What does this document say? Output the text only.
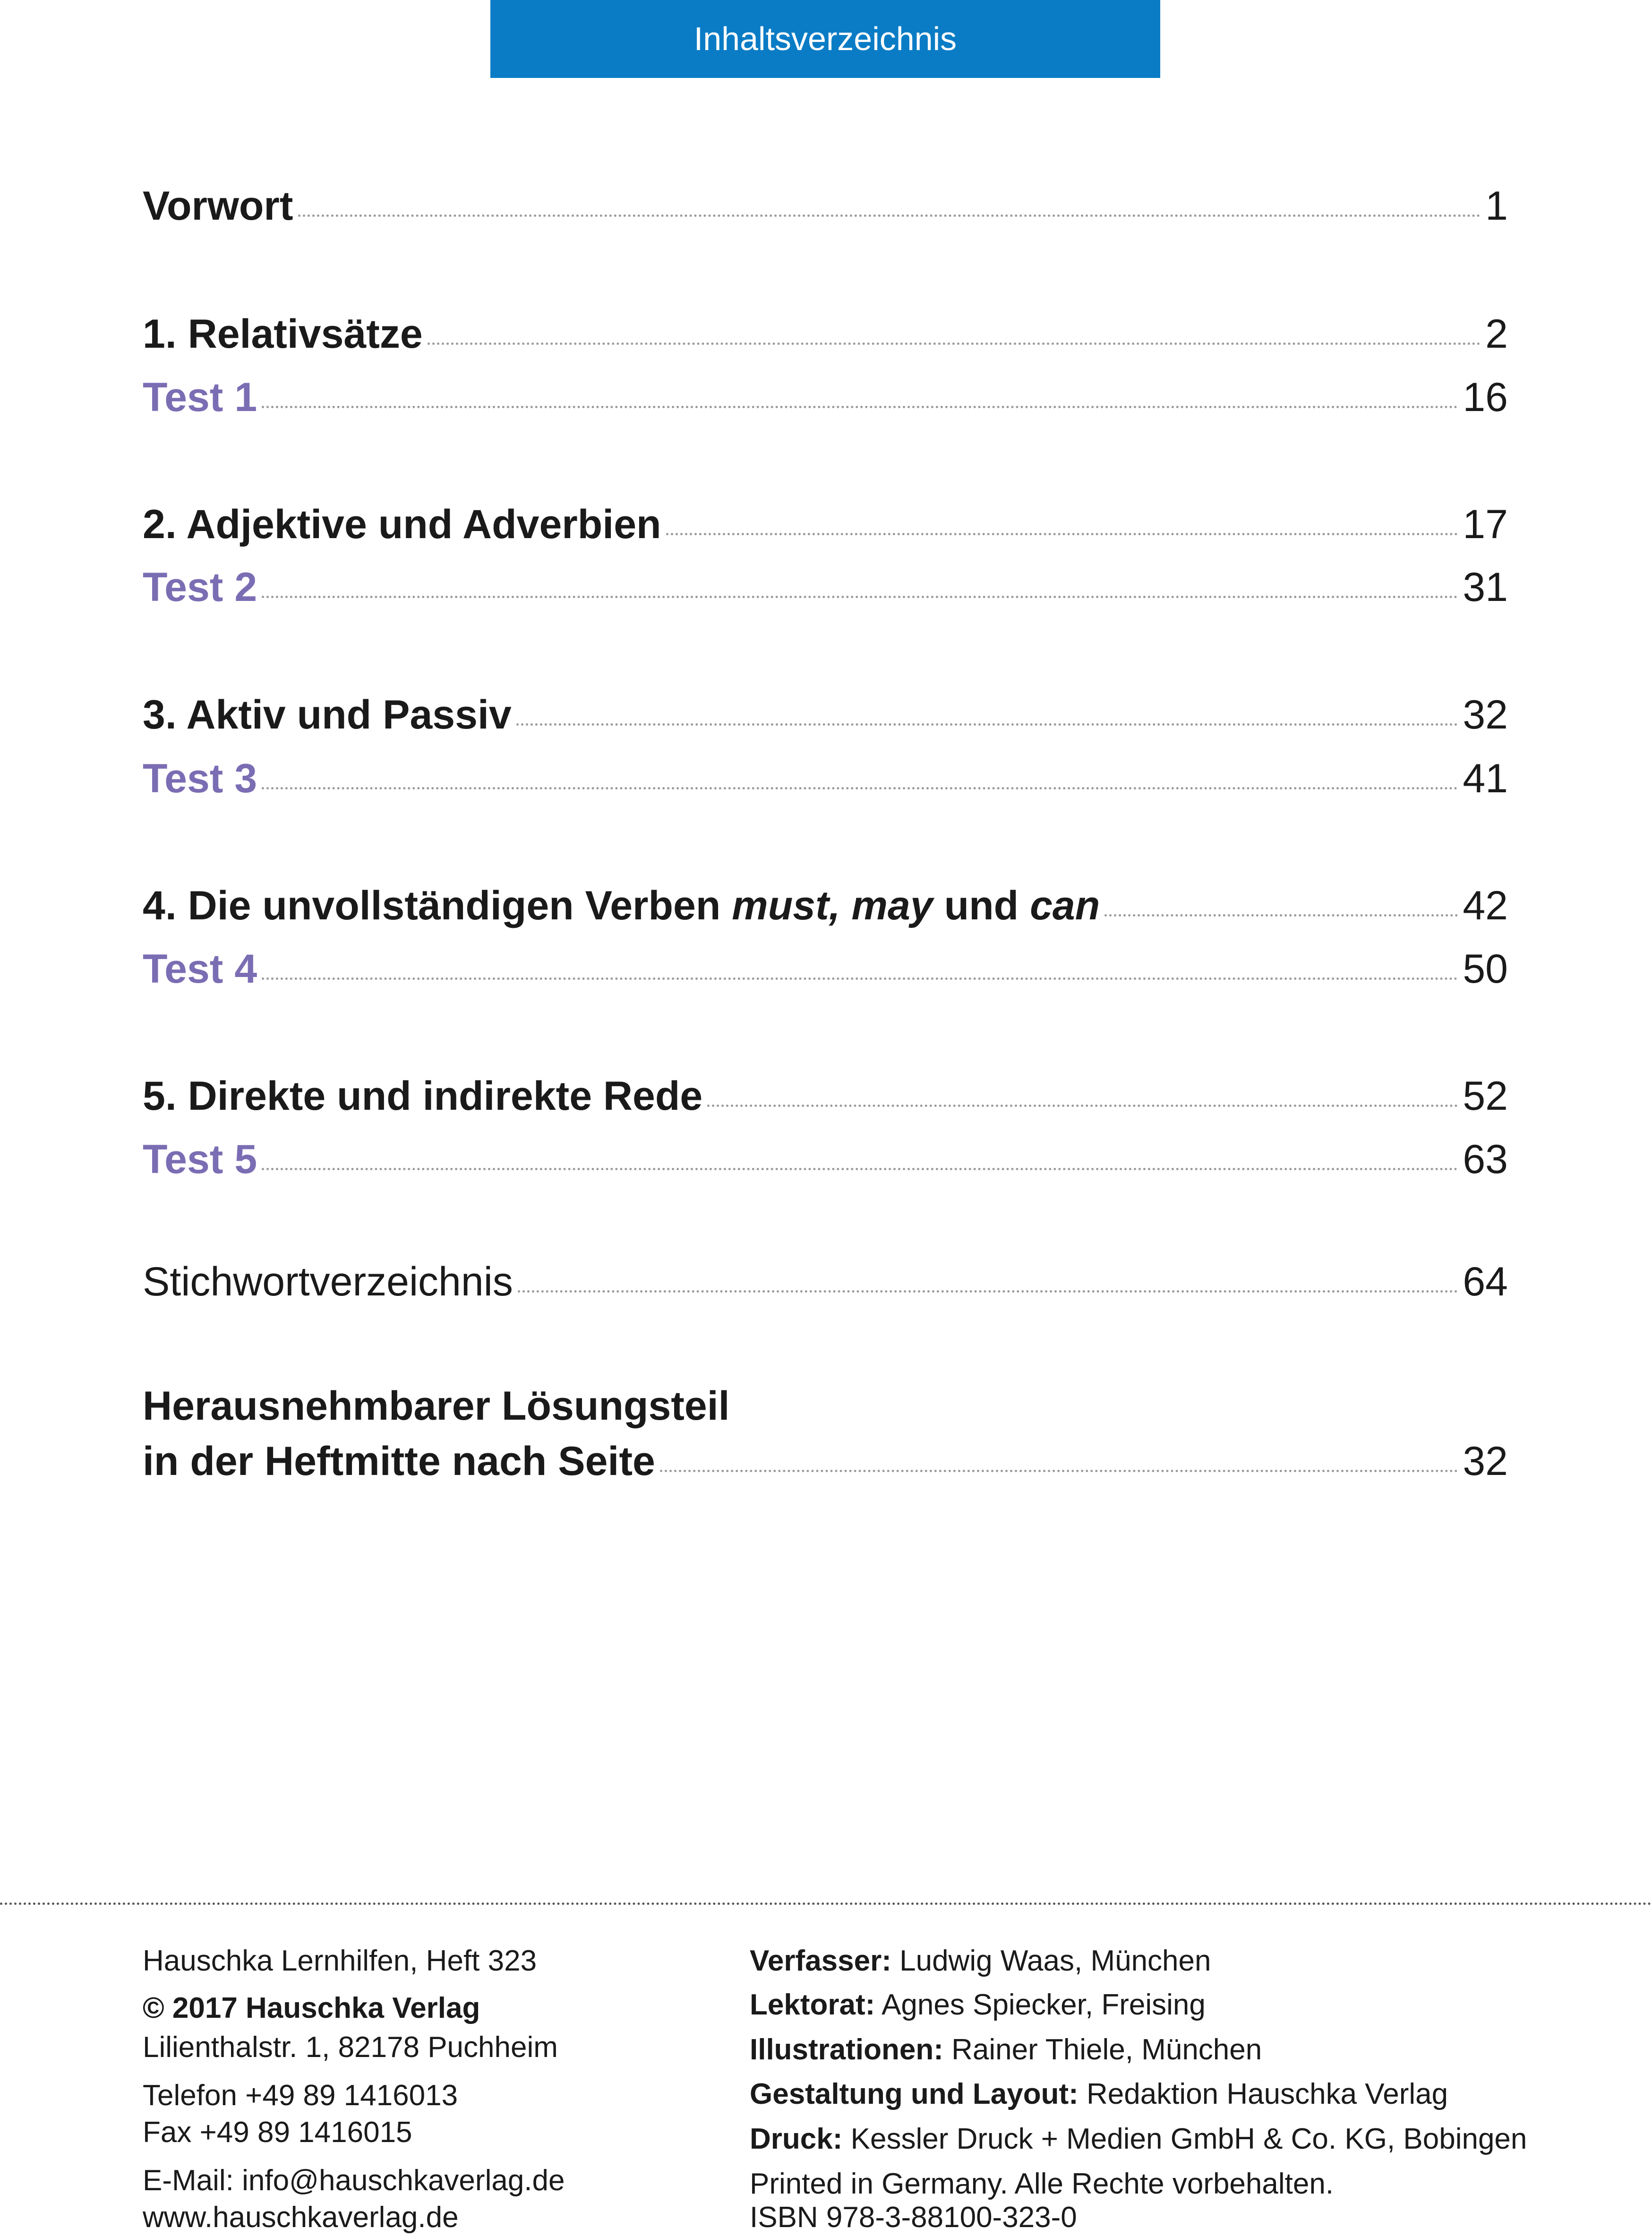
Inhaltsverzeichnis
Vorwort	1
1. Relativsätze	2
Test 1	16
2. Adjektive und Adverbien	17
Test 2	31
3. Aktiv und Passiv	32
Test 3	41
4. Die unvollständigen Verben must, may und can	42
Test 4	50
5. Direkte und indirekte Rede	52
Test 5	63
Stichwortverzeichnis	64
Herausnehmbarer Lösungsteil
in der Heftmitte nach Seite	32
Hauschka Lernhilfen, Heft 323
© 2017 Hauschka Verlag
Lilienthalstr. 1, 82178 Puchheim
Telefon +49 89 1416013
Fax +49 89 1416015
E-Mail: info@hauschkaverlag.de
www.hauschkaverlag.de
Verfasser: Ludwig Waas, München
Lektorat: Agnes Spiecker, Freising
Illustrationen: Rainer Thiele, München
Gestaltung und Layout: Redaktion Hauschka Verlag
Druck: Kessler Druck + Medien GmbH & Co. KG, Bobingen
Printed in Germany. Alle Rechte vorbehalten.
ISBN 978-3-88100-323-0
